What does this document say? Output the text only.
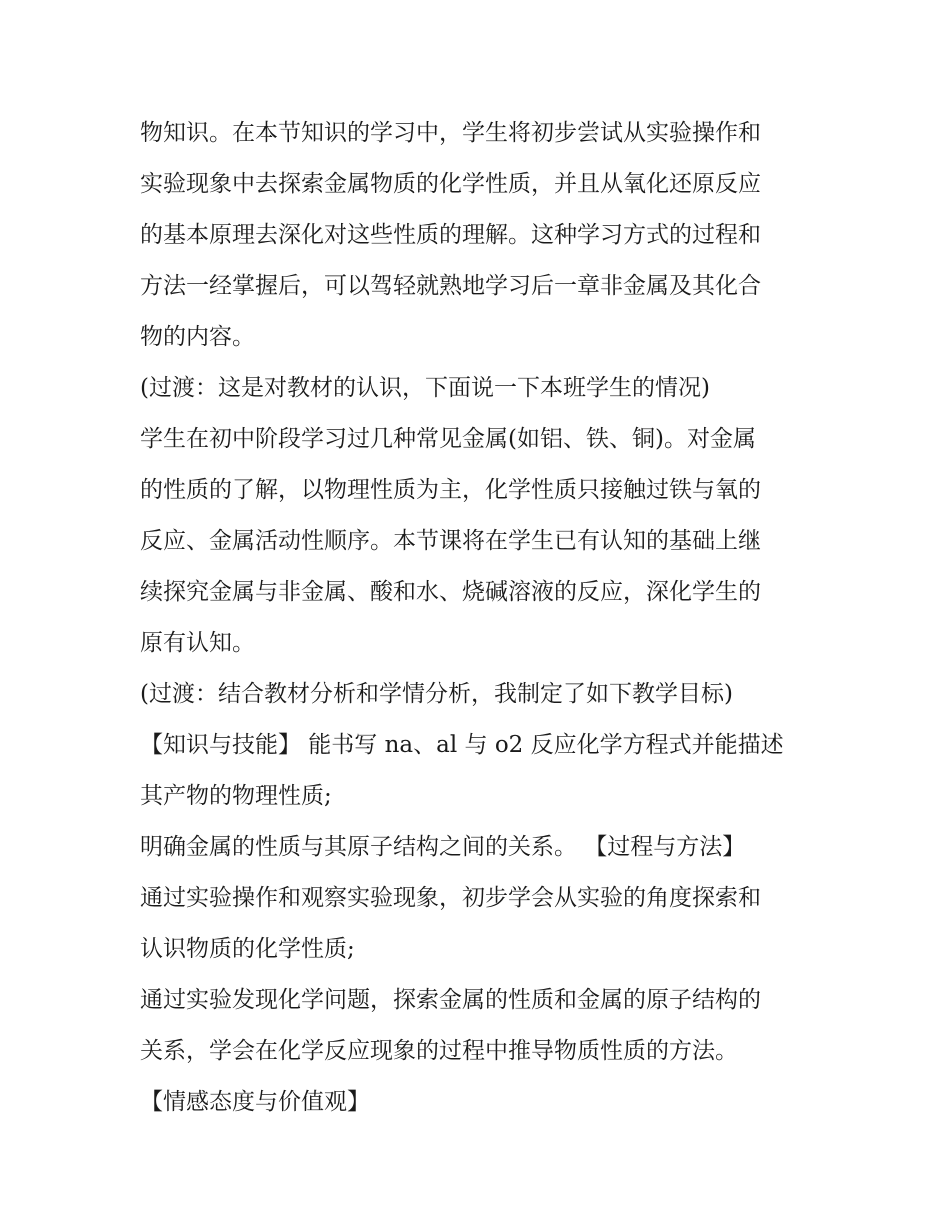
物知识。在本节知识的学习中，学生将初步尝试从实验操作和
实验现象中去探索金属物质的化学性质，并且从氧化还原反应
的基本原理去深化对这些性质的理解。这种学习方式的过程和
方法一经掌握后，可以驾轻就熟地学习后一章非金属及其化合
物的内容。
(过渡：这是对教材的认识，下面说一下本班学生的情况)
学生在初中阶段学习过几种常见金属(如铝、铁、铜)。对金属
的性质的了解，以物理性质为主，化学性质只接触过铁与氧的
反应、金属活动性顺序。本节课将在学生已有认知的基础上继
续探究金属与非金属、酸和水、烧碱溶液的反应，深化学生的
原有认知。
(过渡：结合教材分析和学情分析，我制定了如下教学目标)
【知识与技能】 能书写 na、al 与 o2 反应化学方程式并能描述
其产物的物理性质;
明确金属的性质与其原子结构之间的关系。 【过程与方法】
通过实验操作和观察实验现象，初步学会从实验的角度探索和
认识物质的化学性质;
通过实验发现化学问题，探索金属的性质和金属的原子结构的
关系，学会在化学反应现象的过程中推导物质性质的方法。
【情感态度与价值观】
